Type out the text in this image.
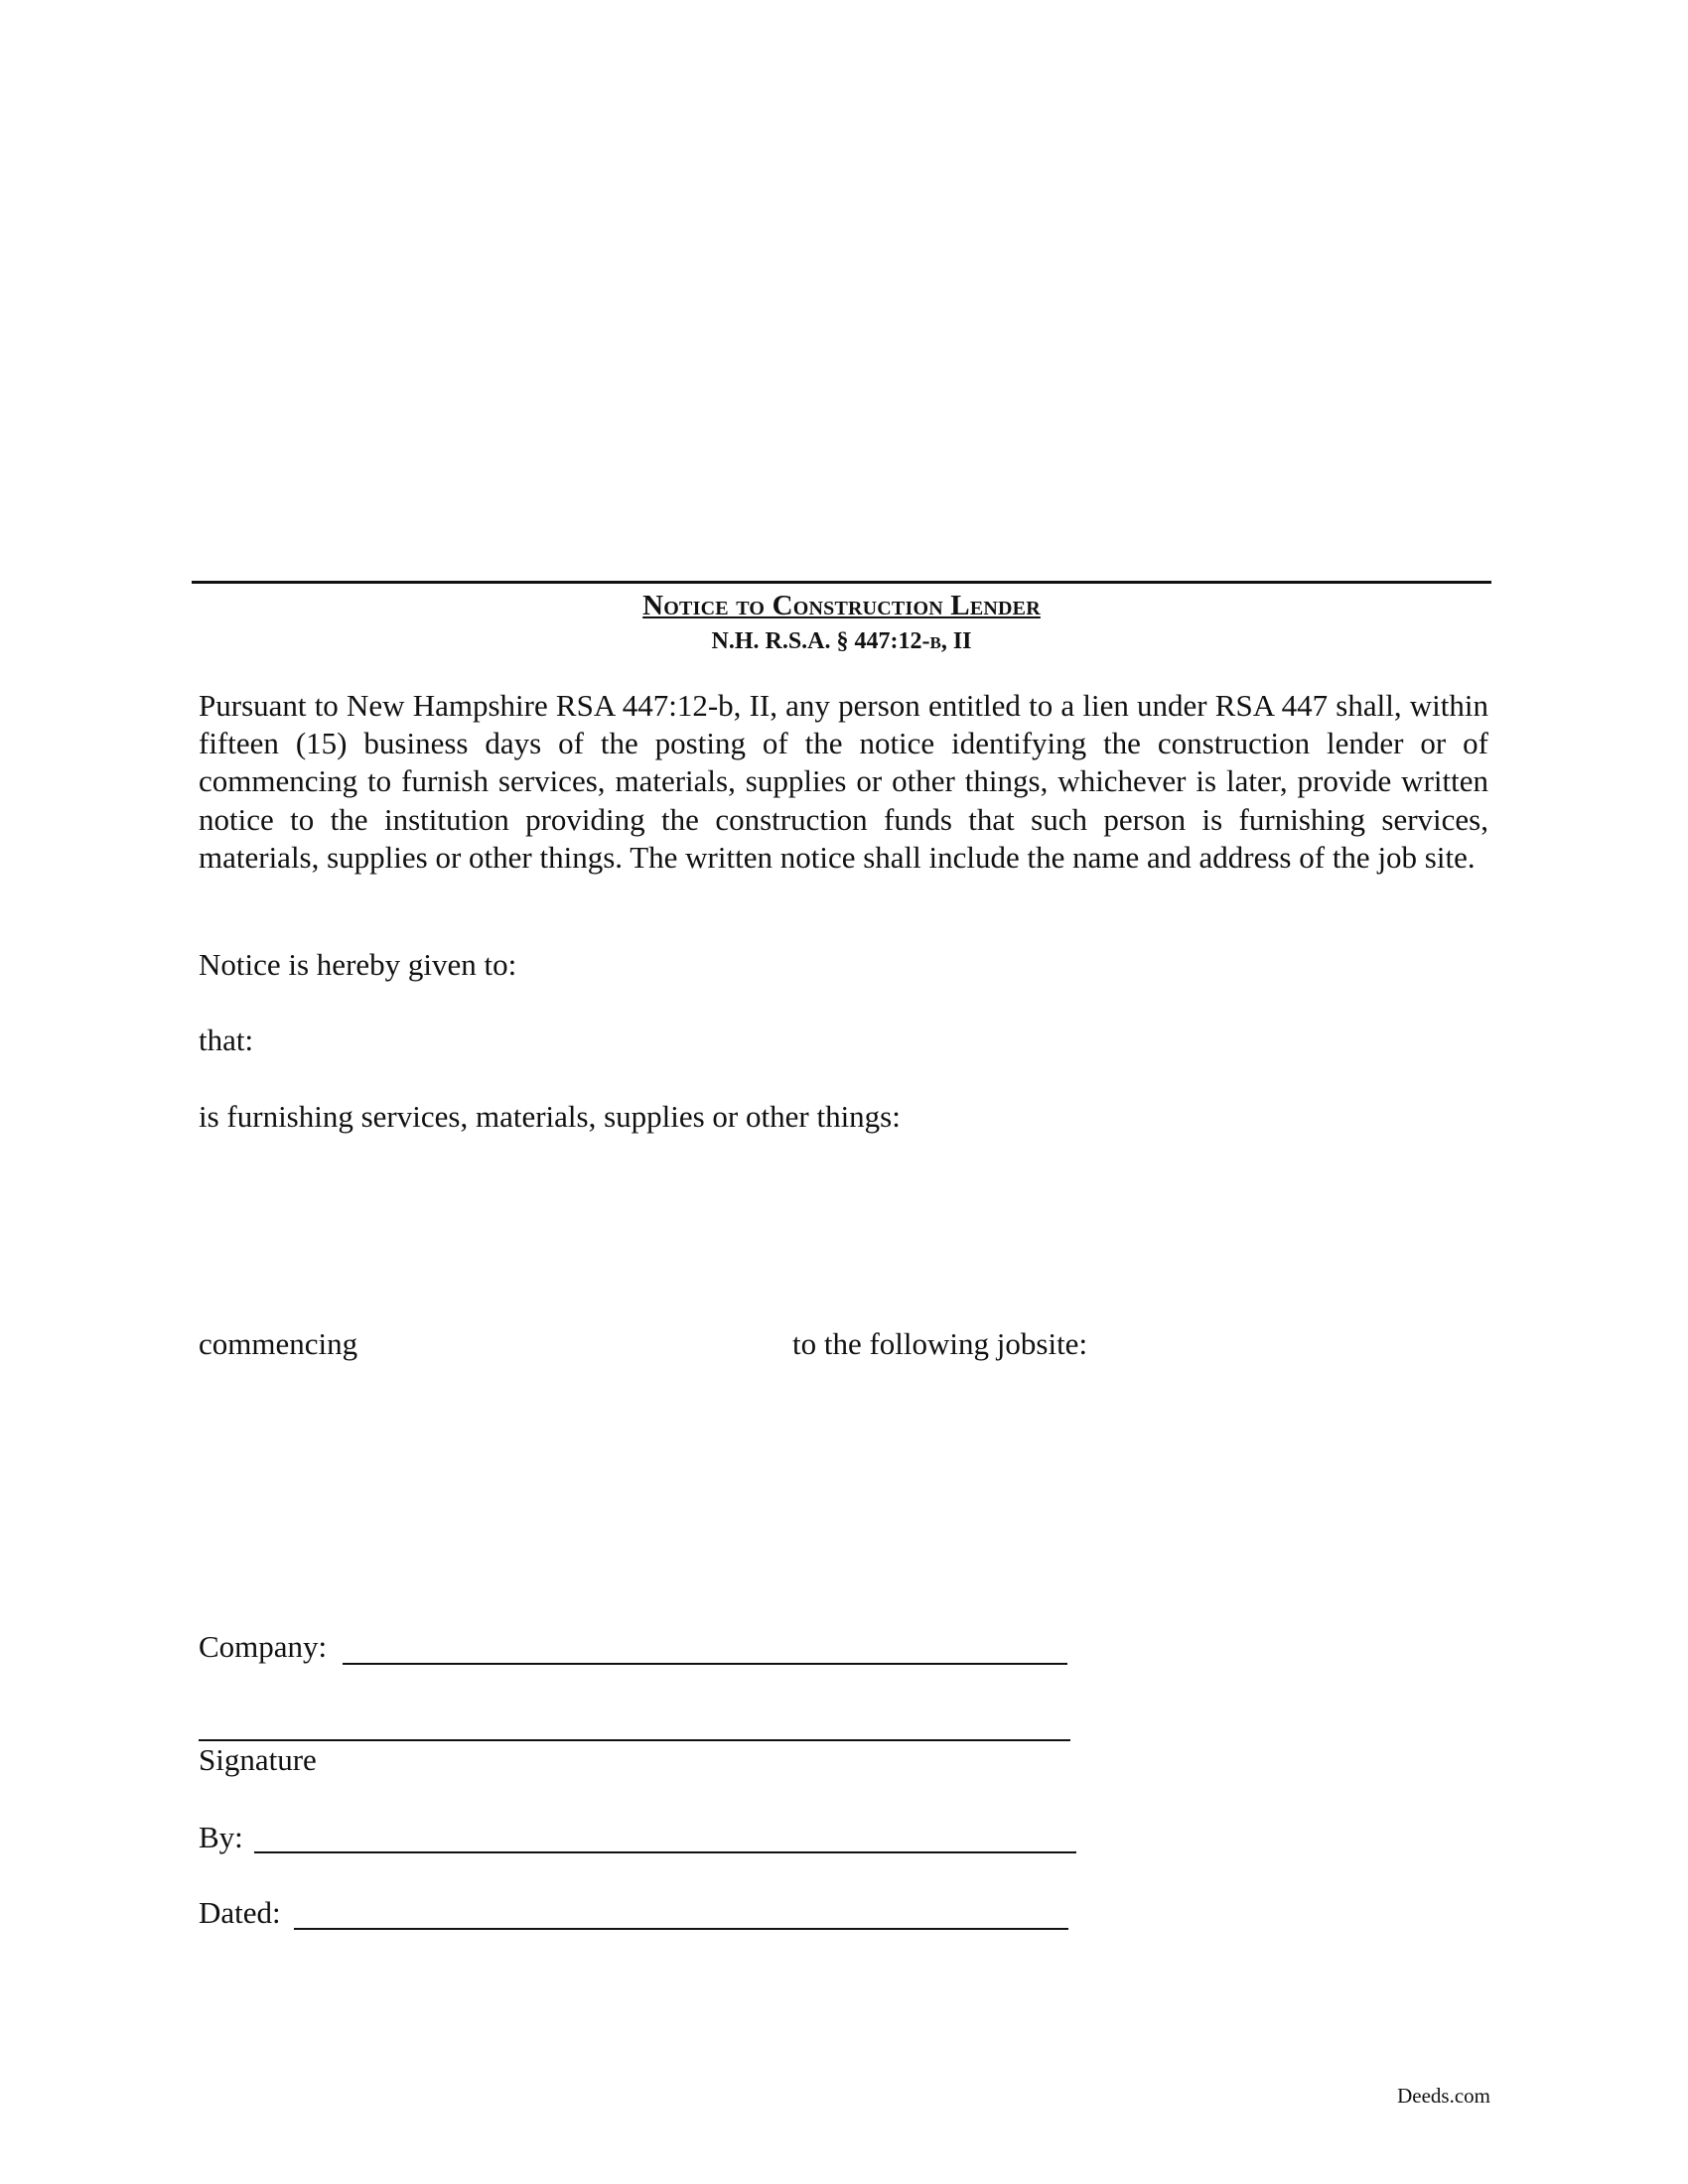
Notice to Construction Lender
N.H. R.S.A. § 447:12-b, II

Pursuant to New Hampshire RSA 447:12-b, II, any person entitled to a lien under RSA 447 shall, within fifteen (15) business days of the posting of the notice identifying the construction lender or of commencing to furnish services, materials, supplies or other things, whichever is later, provide written notice to the institution providing the construction funds that such person is furnishing services, materials, supplies or other things. The written notice shall include the name and address of the job site.

Notice is hereby given to:
that:
is furnishing services, materials, supplies or other things:
commencing	to the following jobsite:
Company:
Signature
By:
Dated:
Deeds.com
